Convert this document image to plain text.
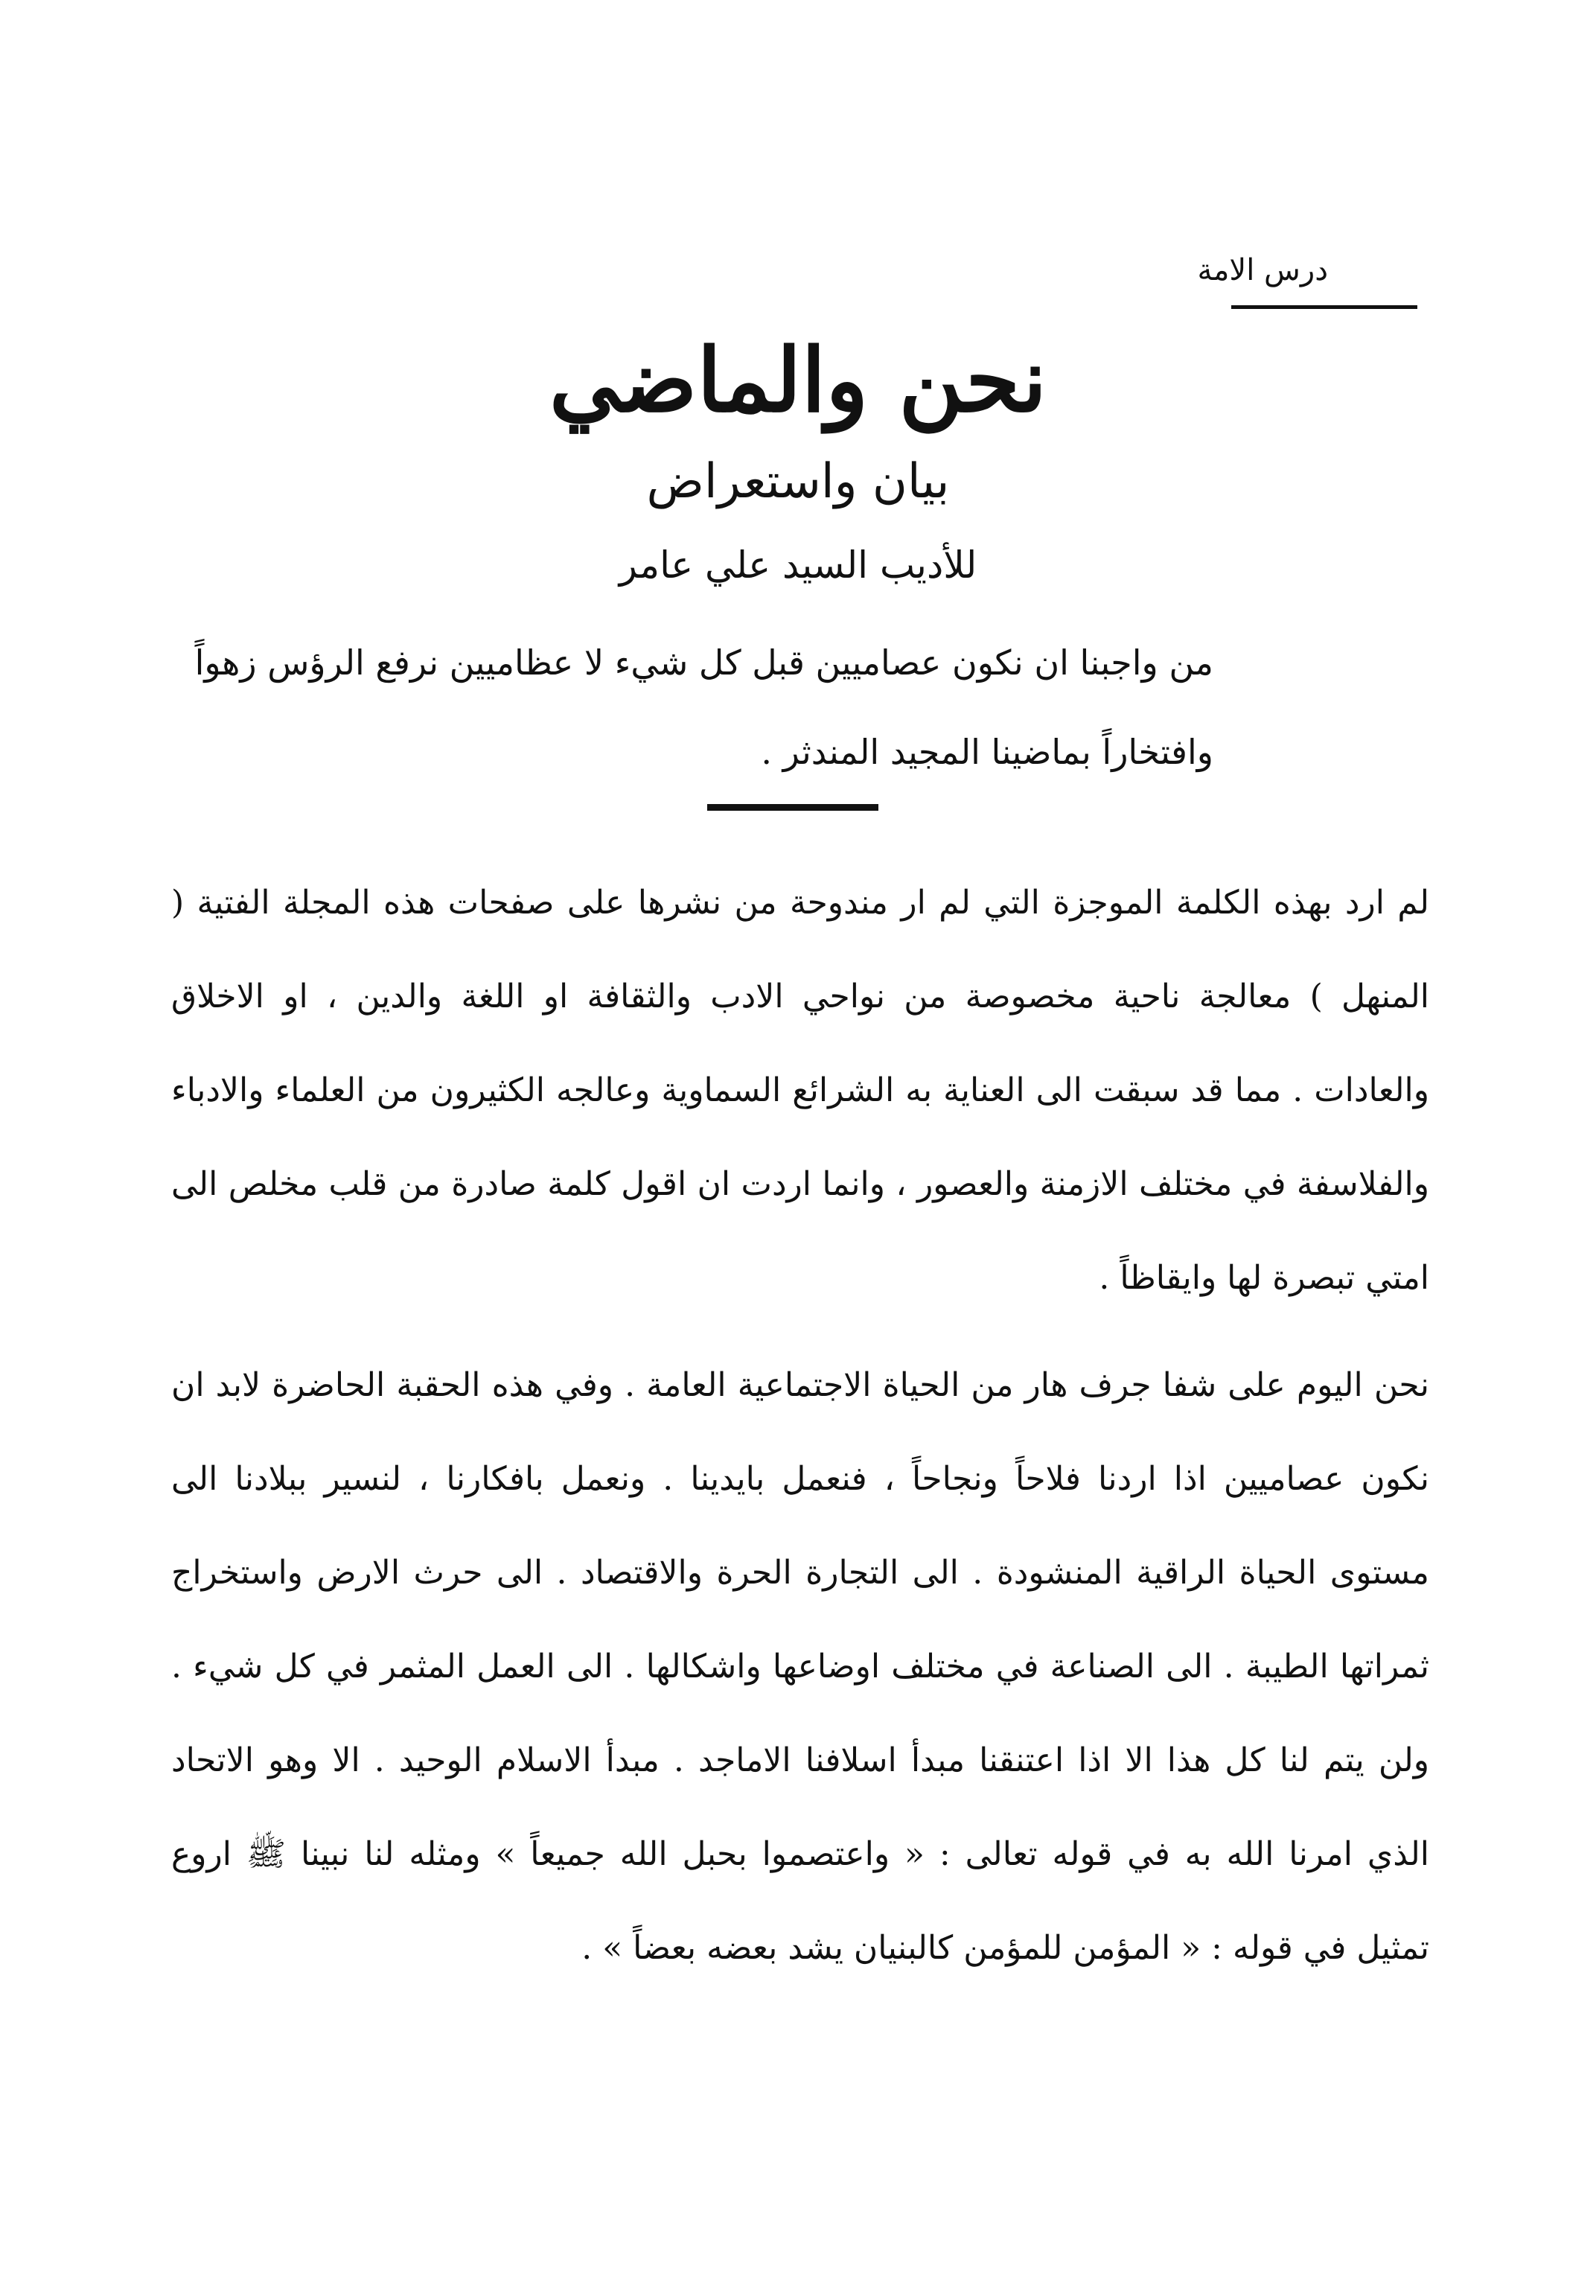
درس الامة
نحن والماضي
بيان واستعراض
للأديب السيد علي عامر
من واجبنا ان نكون عصاميين قبل كل شيء لا عظاميين نرفع الرؤس زهواً وافتخاراً بماضينا المجيد المندثر .

لم ارد بهذه الكلمة الموجزة التي لم ار مندوحة من نشرها على صفحات هذه المجلة الفتية ( المنهل ) معالجة ناحية مخصوصة من نواحي الادب والثقافة او اللغة والدين ، او الاخلاق والعادات . مما قد سبقت الى العناية به الشرائع السماوية وعالجه الكثيرون من العلماء والادباء والفلاسفة في مختلف الازمنة والعصور ، وانما اردت ان اقول كلمة صادرة من قلب مخلص الى امتي تبصرة لها وايقاظاً .

نحن اليوم على شفا جرف هار من الحياة الاجتماعية العامة . وفي هذه الحقبة الحاضرة لابد ان نكون عصاميين اذا اردنا فلاحاً ونجاحاً ، فنعمل بايدينا . ونعمل بافكارنا ، لنسير ببلادنا الى مستوى الحياة الراقية المنشودة . الى التجارة الحرة والاقتصاد . الى حرث الارض واستخراج ثمراتها الطيبة . الى الصناعة في مختلف اوضاعها واشكالها . الى العمل المثمر في كل شيء . ولن يتم لنا كل هذا الا اذا اعتنقنا مبدأ اسلافنا الاماجد . مبدأ الاسلام الوحيد . الا وهو الاتحاد الذي امرنا الله به في قوله تعالى : « واعتصموا بحبل الله جميعاً » ومثله لنا نبينا ﷺ اروع تمثيل في قوله : « المؤمن للمؤمن كالبنيان يشد بعضه بعضاً » .
